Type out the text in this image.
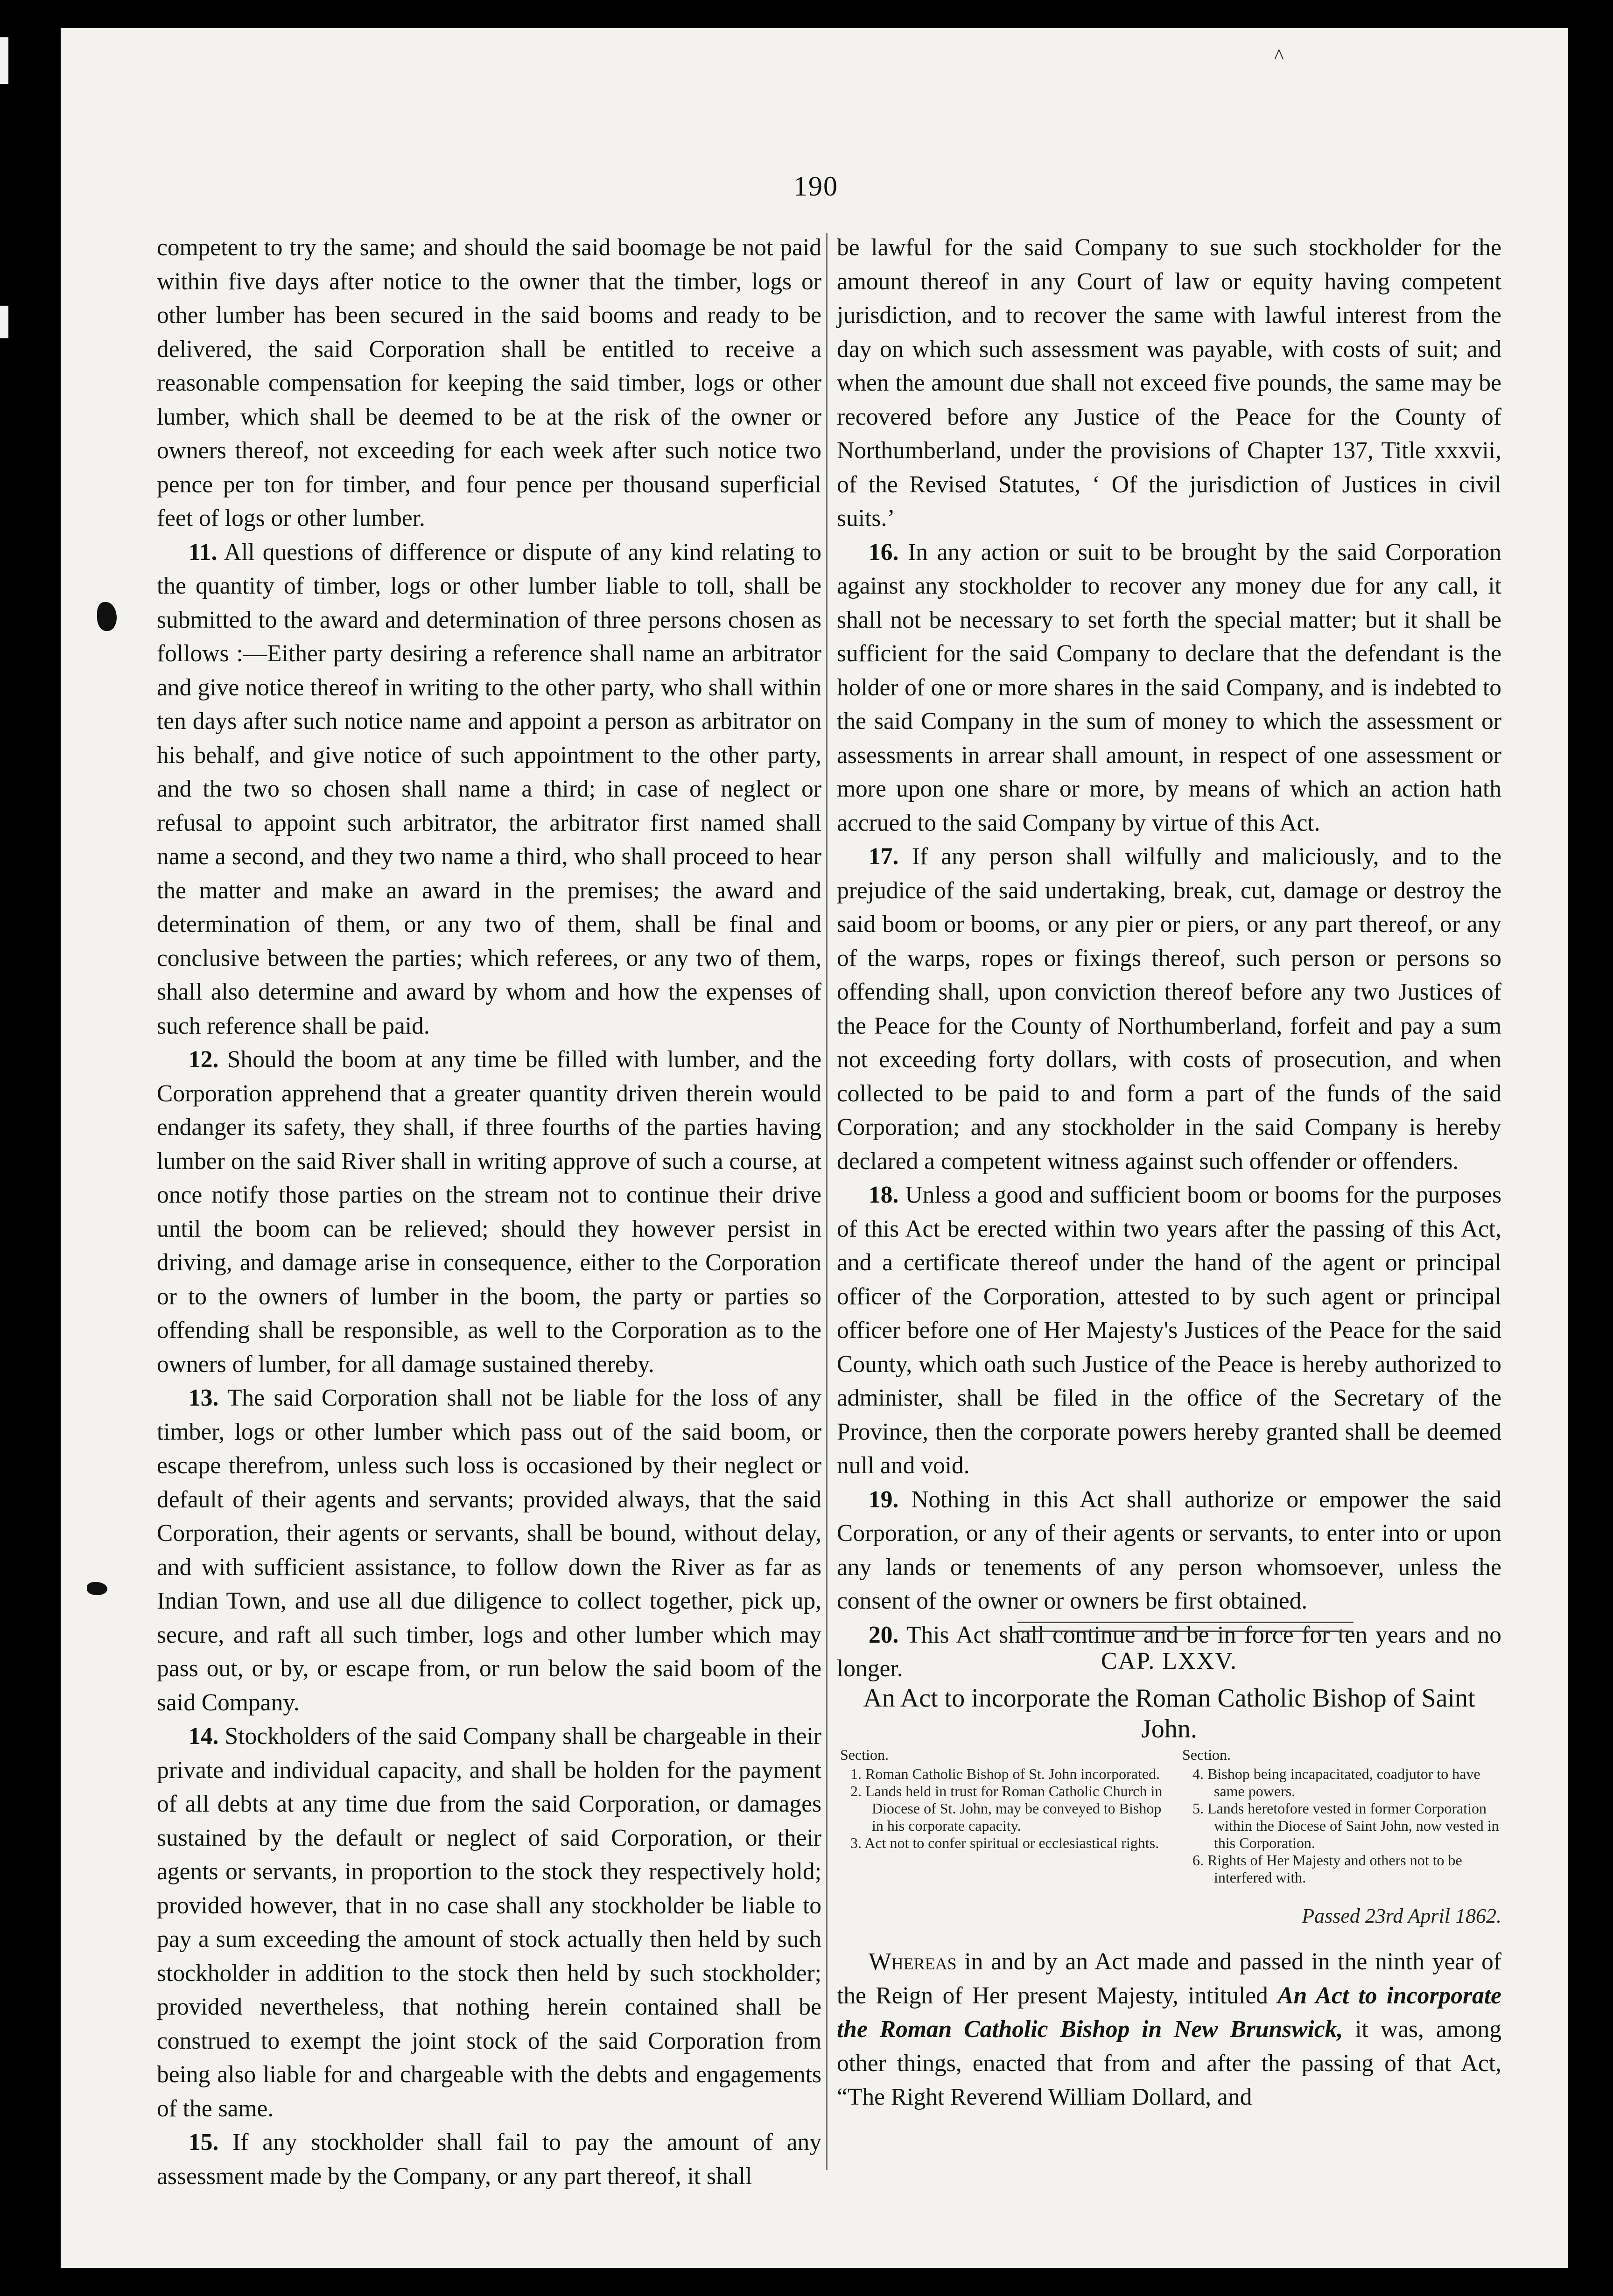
^
190

competent to try the same; and should the said boomage be not paid within five days after notice to the owner that the timber, logs or other lumber has been secured in the said booms and ready to be delivered, the said Corporation shall be entitled to receive a reasonable compensation for keeping the said timber, logs or other lumber, which shall be deemed to be at the risk of the owner or owners thereof, not exceeding for each week after such notice two pence per ton for timber, and four pence per thousand superficial feet of logs or other lumber.

11. All questions of difference or dispute of any kind relating to the quantity of timber, logs or other lumber liable to toll, shall be submitted to the award and determination of three persons chosen as follows :—Either party desiring a reference shall name an arbitrator and give notice thereof in writing to the other party, who shall within ten days after such notice name and appoint a person as arbitrator on his behalf, and give notice of such appointment to the other party, and the two so chosen shall name a third; in case of neglect or refusal to appoint such arbitrator, the arbitrator first named shall name a second, and they two name a third, who shall proceed to hear the matter and make an award in the premises; the award and determination of them, or any two of them, shall be final and conclusive between the parties; which referees, or any two of them, shall also determine and award by whom and how the expenses of such reference shall be paid.

12. Should the boom at any time be filled with lumber, and the Corporation apprehend that a greater quantity driven therein would endanger its safety, they shall, if three fourths of the parties having lumber on the said River shall in writing approve of such a course, at once notify those parties on the stream not to continue their drive until the boom can be relieved; should they however persist in driving, and damage arise in consequence, either to the Corporation or to the owners of lumber in the boom, the party or parties so offending shall be responsible, as well to the Corporation as to the owners of lumber, for all damage sustained thereby.

13. The said Corporation shall not be liable for the loss of any timber, logs or other lumber which pass out of the said boom, or escape therefrom, unless such loss is occasioned by their neglect or default of their agents and servants; provided always, that the said Corporation, their agents or servants, shall be bound, without delay, and with sufficient assistance, to follow down the River as far as Indian Town, and use all due diligence to collect together, pick up, secure, and raft all such timber, logs and other lumber which may pass out, or by, or escape from, or run below the said boom of the said Company.

14. Stockholders of the said Company shall be chargeable in their private and individual capacity, and shall be holden for the payment of all debts at any time due from the said Corporation, or damages sustained by the default or neglect of said Corporation, or their agents or servants, in proportion to the stock they respectively hold; provided however, that in no case shall any stockholder be liable to pay a sum exceeding the amount of stock actually then held by such stockholder in addition to the stock then held by such stockholder; provided nevertheless, that nothing herein contained shall be construed to exempt the joint stock of the said Corporation from being also liable for and chargeable with the debts and engagements of the same.

15. If any stockholder shall fail to pay the amount of any assessment made by the Company, or any part thereof, it shall

be lawful for the said Company to sue such stockholder for the amount thereof in any Court of law or equity having competent jurisdiction, and to recover the same with lawful interest from the day on which such assessment was payable, with costs of suit; and when the amount due shall not exceed five pounds, the same may be recovered before any Justice of the Peace for the County of Northumberland, under the provisions of Chapter 137, Title xxxvii, of the Revised Statutes, ‘ Of the jurisdiction of Justices in civil suits.’

16. In any action or suit to be brought by the said Corporation against any stockholder to recover any money due for any call, it shall not be necessary to set forth the special matter; but it shall be sufficient for the said Company to declare that the defendant is the holder of one or more shares in the said Company, and is indebted to the said Company in the sum of money to which the assessment or assessments in arrear shall amount, in respect of one assessment or more upon one share or more, by means of which an action hath accrued to the said Company by virtue of this Act.

17. If any person shall wilfully and maliciously, and to the prejudice of the said undertaking, break, cut, damage or destroy the said boom or booms, or any pier or piers, or any part thereof, or any of the warps, ropes or fixings thereof, such person or persons so offending shall, upon conviction thereof before any two Justices of the Peace for the County of Northumberland, forfeit and pay a sum not exceeding forty dollars, with costs of prosecution, and when collected to be paid to and form a part of the funds of the said Corporation; and any stockholder in the said Company is hereby declared a competent witness against such offender or offenders.

18. Unless a good and sufficient boom or booms for the purposes of this Act be erected within two years after the passing of this Act, and a certificate thereof under the hand of the agent or principal officer of the Corporation, attested to by such agent or principal officer before one of Her Majesty's Justices of the Peace for the said County, which oath such Justice of the Peace is hereby authorized to administer, shall be filed in the office of the Secretary of the Province, then the corporate powers hereby granted shall be deemed null and void.

19. Nothing in this Act shall authorize or empower the said Corporation, or any of their agents or servants, to enter into or upon any lands or tenements of any person whomsoever, unless the consent of the owner or owners be first obtained.

20. This Act shall continue and be in force for ten years and no longer.	CAP. LXXV.
An Act to incorporate the Roman Catholic Bishop of Saint John.

Section.

1. Roman Catholic Bishop of St. John incorporated.

2. Lands held in trust for Roman Catholic Church in Diocese of St. John, may be conveyed to Bishop in his corporate capacity.

3. Act not to confer spiritual or ecclesiastical rights.

Section.

4. Bishop being incapacitated, coadjutor to have same powers.

5. Lands heretofore vested in former Corporation within the Diocese of Saint John, now vested in this Corporation.

6. Rights of Her Majesty and others not to be interfered with.

Passed 23rd April 1862.
Whereas in and by an Act made and passed in the ninth year of the Reign of Her present Majesty, intituled An Act to incorporate the Roman Catholic Bishop in New Brunswick, it was, among other things, enacted that from and after the passing of that Act, “The Right Reverend William Dollard, and
